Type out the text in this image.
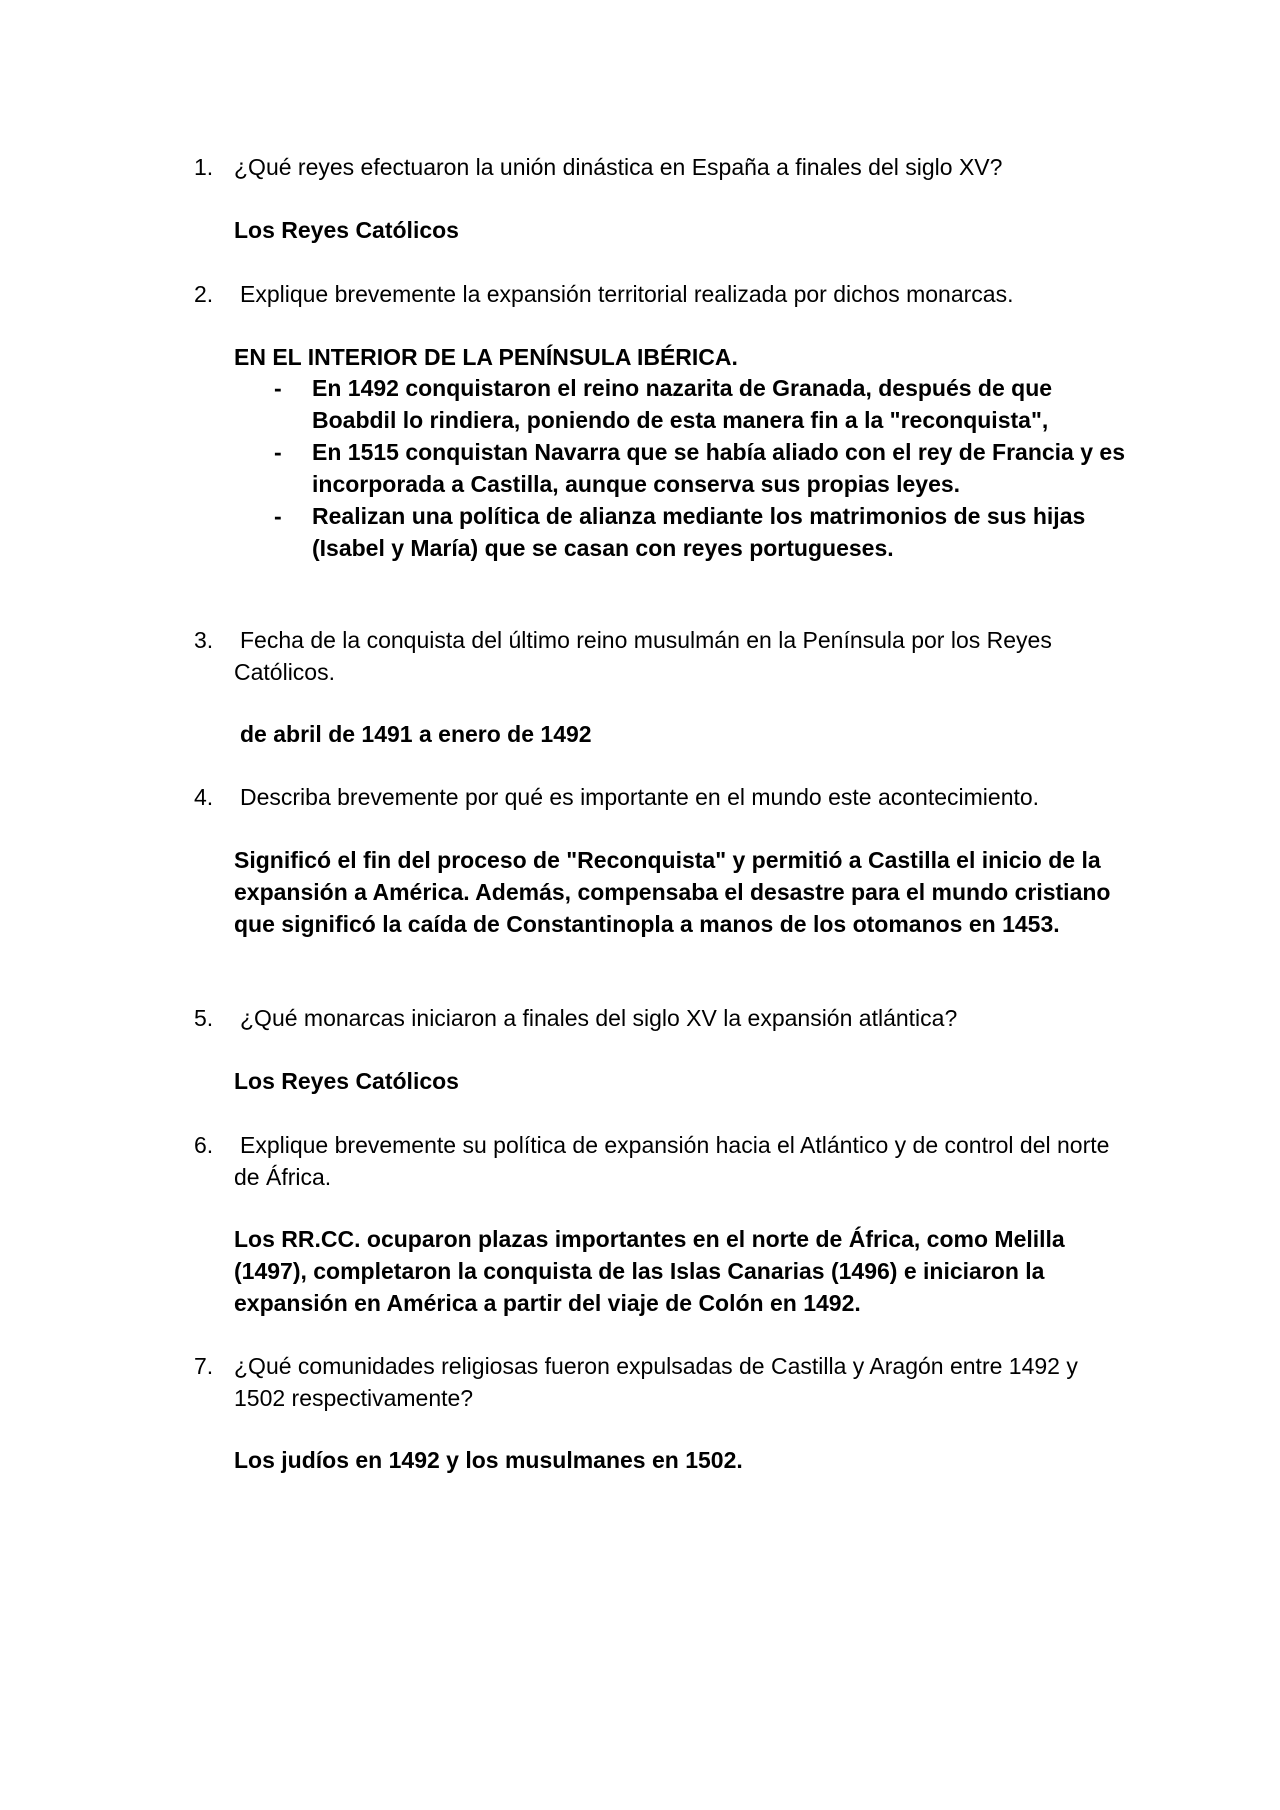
1. ¿Qué reyes efectuaron la unión dinástica en España a finales del siglo XV?
Los Reyes Católicos
2. Explique brevemente la expansión territorial realizada por dichos monarcas.
EN EL INTERIOR DE LA PENÍNSULA IBÉRICA.
- En 1492 conquistaron el reino nazarita de Granada, después de que Boabdil lo rindiera, poniendo de esta manera fin a la "reconquista",
- En 1515 conquistan Navarra que se había aliado con el rey de Francia y es incorporada a Castilla, aunque conserva sus propias leyes.
- Realizan una política de alianza mediante los matrimonios de sus hijas (Isabel y María) que se casan con reyes portugueses.
3. Fecha de la conquista del último reino musulmán en la Península por los Reyes Católicos.
de abril de 1491 a enero de 1492
4. Describa brevemente por qué es importante en el mundo este acontecimiento.
Significó el fin del proceso de "Reconquista" y permitió a Castilla el inicio de la expansión a América. Además, compensaba el desastre para el mundo cristiano que significó la caída de Constantinopla a manos de los otomanos en 1453.
5. ¿Qué monarcas iniciaron a finales del siglo XV la expansión atlántica?
Los Reyes Católicos
6. Explique brevemente su política de expansión hacia el Atlántico y de control del norte de África.
Los RR.CC. ocuparon plazas importantes en el norte de África, como Melilla (1497), completaron la conquista de las Islas Canarias (1496) e iniciaron la expansión en América a partir del viaje de Colón en 1492.
7. ¿Qué comunidades religiosas fueron expulsadas de Castilla y Aragón entre 1492 y 1502 respectivamente?
Los judíos en 1492 y los musulmanes en 1502.
